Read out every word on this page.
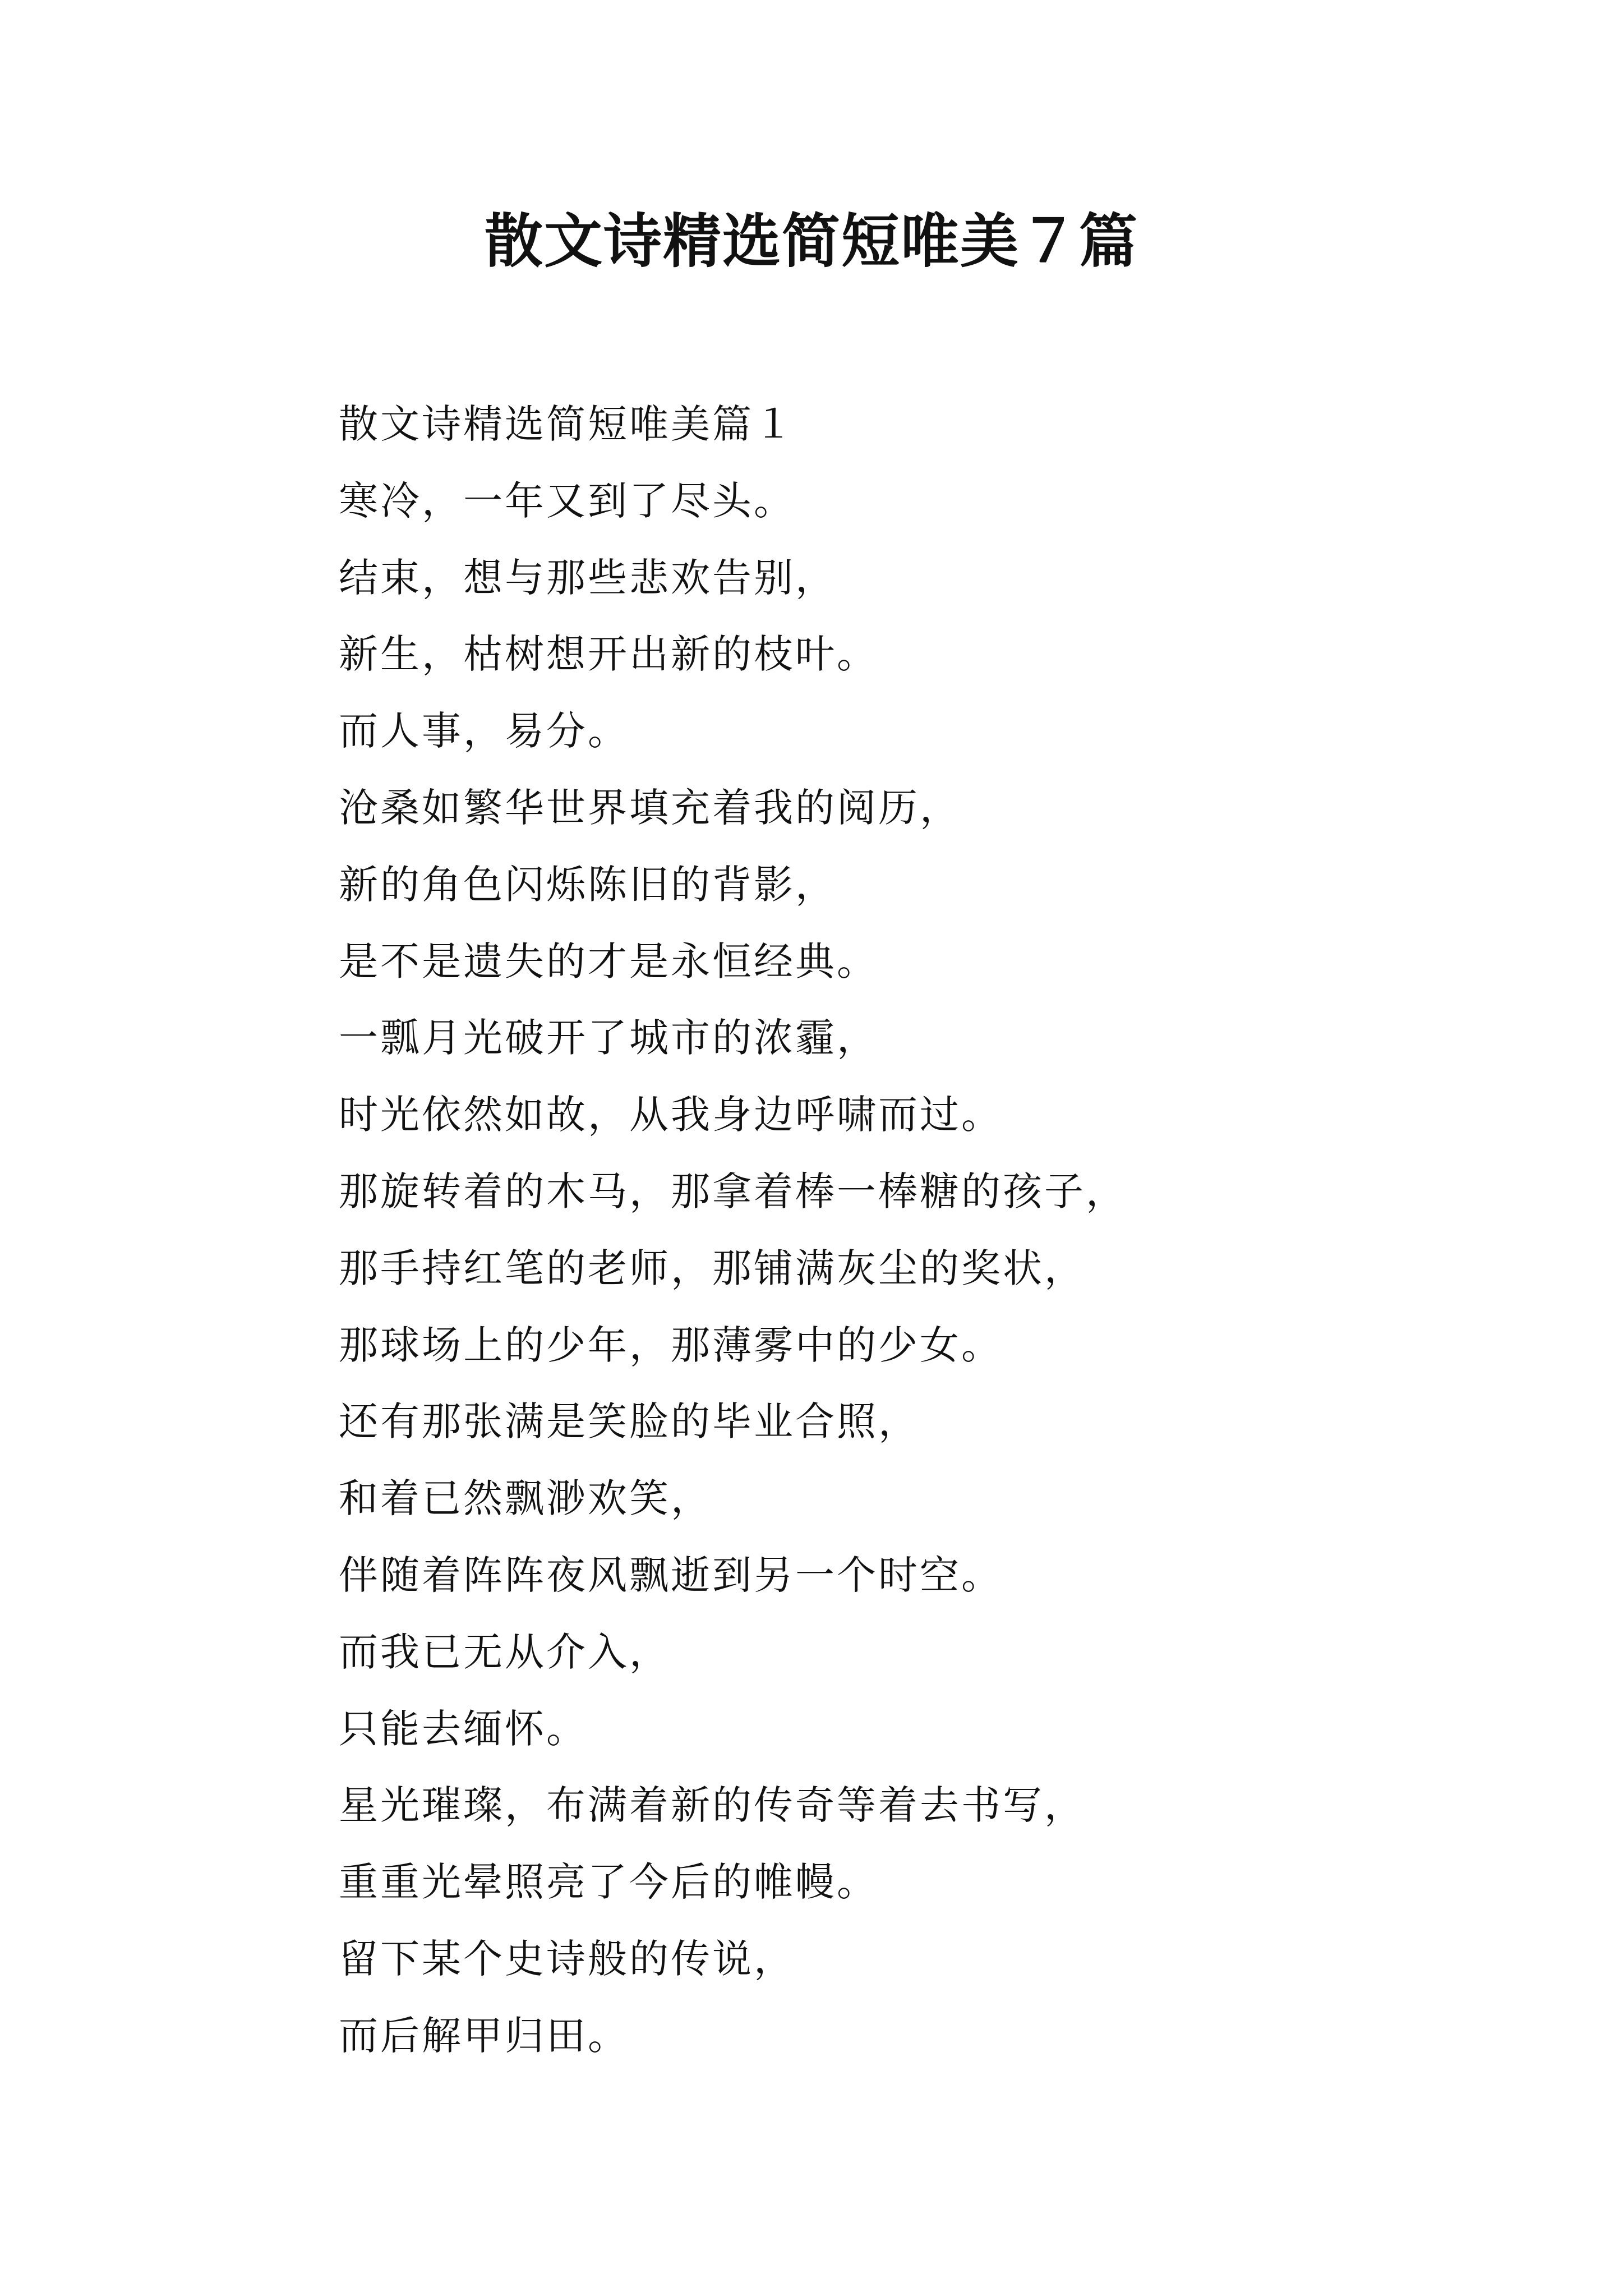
散文诗精选简短唯美７篇

散文诗精选简短唯美篇１

寒冷，一年又到了尽头。

结束，想与那些悲欢告别，

新生，枯树想开出新的枝叶。

而人事，易分。

沧桑如繁华世界填充着我的阅历，

新的角色闪烁陈旧的背影，

是不是遗失的才是永恒经典。

一瓢月光破开了城市的浓霾，

时光依然如故，从我身边呼啸而过。

那旋转着的木马，那拿着棒一棒糖的孩子，

那手持红笔的老师，那铺满灰尘的奖状，

那球场上的少年，那薄雾中的少女。

还有那张满是笑脸的毕业合照，

和着已然飘渺欢笑，

伴随着阵阵夜风飘逝到另一个时空。

而我已无从介入，

只能去缅怀。

星光璀璨，布满着新的传奇等着去书写，

重重光晕照亮了今后的帷幔。

留下某个史诗般的传说，

而后解甲归田。
